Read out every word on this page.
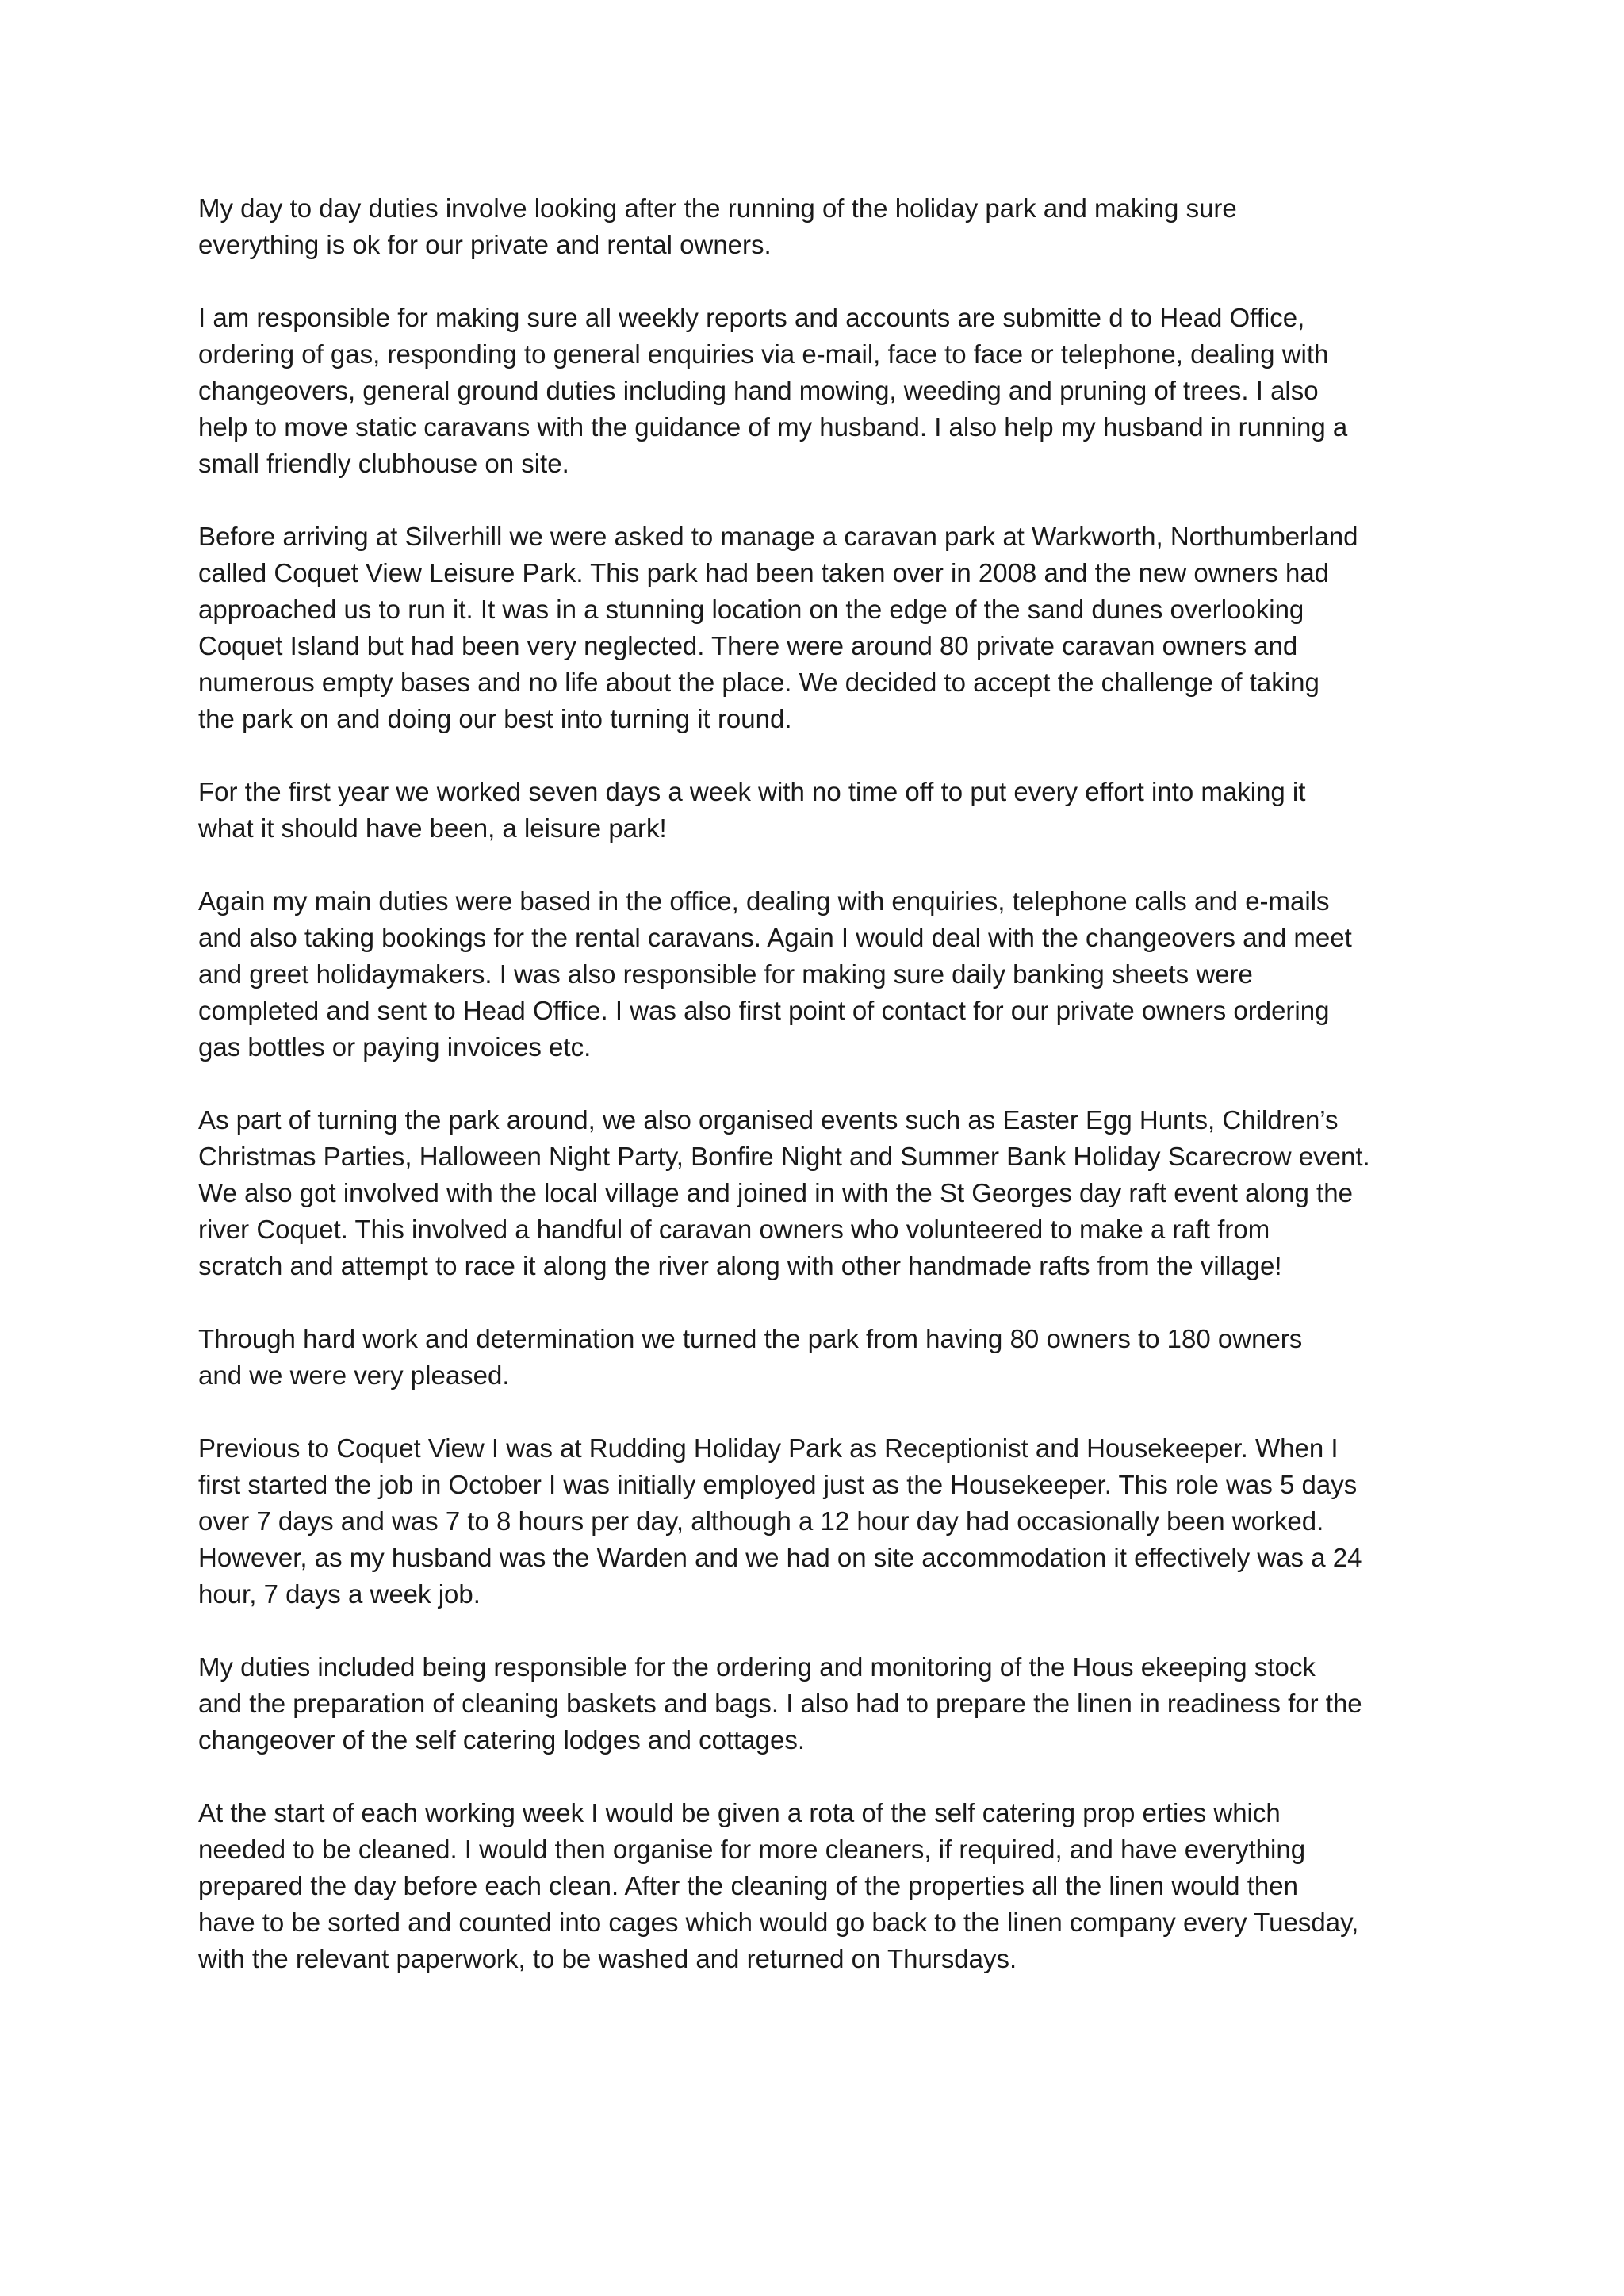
My day to day duties involve looking after the running of the holiday park and making sure
everything is ok for our private and rental owners.

I am responsible for making sure all weekly reports and accounts are submitte d to Head Office,
ordering of gas, responding to general enquiries via e-mail, face to face or telephone, dealing with
changeovers, general ground duties including hand mowing, weeding and pruning of trees. I also
help to move static caravans with the guidance of my husband. I also help my husband in running a
small friendly clubhouse on site.

Before arriving at Silverhill we were asked to manage a caravan park at Warkworth, Northumberland
called Coquet View Leisure Park. This park had been taken over in 2008 and the new owners had
approached us to run it. It was in a stunning location on the edge of the sand dunes overlooking
Coquet Island but had been very neglected. There were around 80 private caravan owners and
numerous empty bases and no life about the place. We decided to accept the challenge of taking
the park on and doing our best into turning it round.

For the first year we worked seven days a week with no time off to put every effort into making it
what it should have been, a leisure park!

Again my main duties were based in the office, dealing with enquiries, telephone calls and e-mails
and also taking bookings for the rental caravans. Again I would deal with the changeovers and meet
and greet holidaymakers. I was also responsible for making sure daily banking sheets were
completed and sent to Head Office. I was also first point of contact for our private owners ordering
gas bottles or paying invoices etc.

As part of turning the park around, we also organised events such as Easter Egg Hunts, Children’s
Christmas Parties, Halloween Night Party, Bonfire Night and Summer Bank Holiday Scarecrow event.
We also got involved with the local village and joined in with the St Georges day raft event along the
river Coquet. This involved a handful of caravan owners who volunteered to make a raft from
scratch and attempt to race it along the river along with other handmade rafts from the village!

Through hard work and determination we turned the park from having 80 owners to 180 owners
and we were very pleased.

Previous to Coquet View I was at Rudding Holiday Park as Receptionist and Housekeeper. When I
first started the job in October I was initially employed just as the Housekeeper. This role was 5 days
over 7 days and was 7 to 8 hours per day, although a 12 hour day had occasionally been worked.
However, as my husband was the Warden and we had on site accommodation it effectively was a 24
hour, 7 days a week job.

My duties included being responsible for the ordering and monitoring of the Hous ekeeping stock
and the preparation of cleaning baskets and bags. I also had to prepare the linen in readiness for the
changeover of the self catering lodges and cottages.

At the start of each working week I would be given a rota of the self catering prop erties which
needed to be cleaned. I would then organise for more cleaners, if required, and have everything
prepared the day before each clean. After the cleaning of the properties all the linen would then
have to be sorted and counted into cages which would go back to the linen company every Tuesday,
with the relevant paperwork, to be washed and returned on Thursdays.
